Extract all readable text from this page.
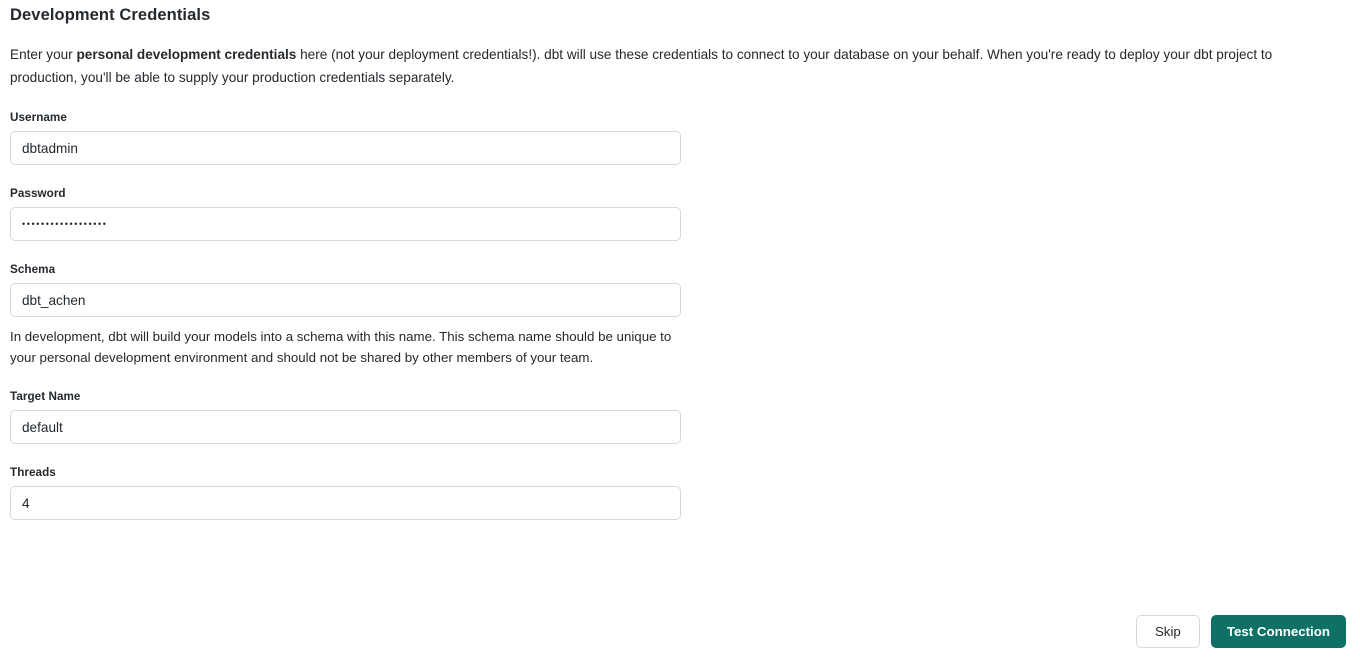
Development Credentials

Enter your personal development credentials here (not your deployment credentials!). dbt will use these credentials to connect to your database on your behalf. When you're ready to deploy your dbt project to production, you'll be able to supply your production credentials separately.

Username
dbtadmin
Password
••••••••••••••••••
Schema
dbt_achen
In development, dbt will build your models into a schema with this name. This schema name should be unique to your personal development environment and should not be shared by other members of your team.
Target Name
default
Threads
4
Skip	Test Connection
